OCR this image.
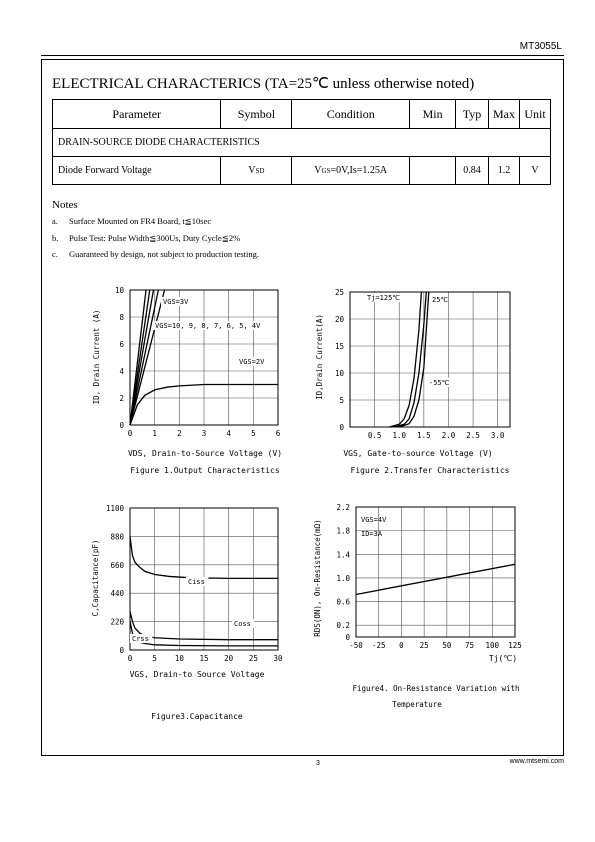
MT3055L
ELECTRICAL CHARACTERICS (TA=25℃ unless otherwise noted)
Parameter	Symbol	Condition	Min	Typ	Max	Unit
DRAIN-SOURCE DIODE CHARACTERISTICS						
Diode Forward Voltage	VSD	VGS=0V,Is=1.25A		0.84	1.2	V
Notes
a. Surface Mounted on FR4 Board, t≦10sec
b. Pulse Test: Pulse Width≦300Us, Duty Cycle≦2%
c. Guaranteed by design, not subject to production testing.
0	1	2	3	4	5	6
0
2
4
6
8
10
VGS=3V
VGS=10, 9, 8, 7, 6, 5, 4V
VGS=2V
VDS, Drain-to-Source Voltage (V)
ID, Drain Current (A)
Figure 1.Output Characteristics
0.5 1.0 1.5 2.0 2.5 3.0
0
5
10
15
20
25
Tj=125℃	25℃
-55℃
VGS, Gate-to-source Voltage (V)
ID,Drain Current(A)
Figure 2.Transfer Characteristics
0	5 10 15 20 25 30
0
220
440
660
880
1100
Ciss
Coss
Crss
VGS, Drain-to Source Voltage
C,Capacitance(pF)
Figure3.Capacitance
-50 -25 0 25 50 75 100 125
0
0.2
0.6
1.0
1.4
1.8
2.2
VGS=4V
ID=3A
Tj(℃)
RDS(ON), On-Resistance(mΩ)
Figure4. On-Resistance Variation with
Temperature
3	www.mtsemi.com
